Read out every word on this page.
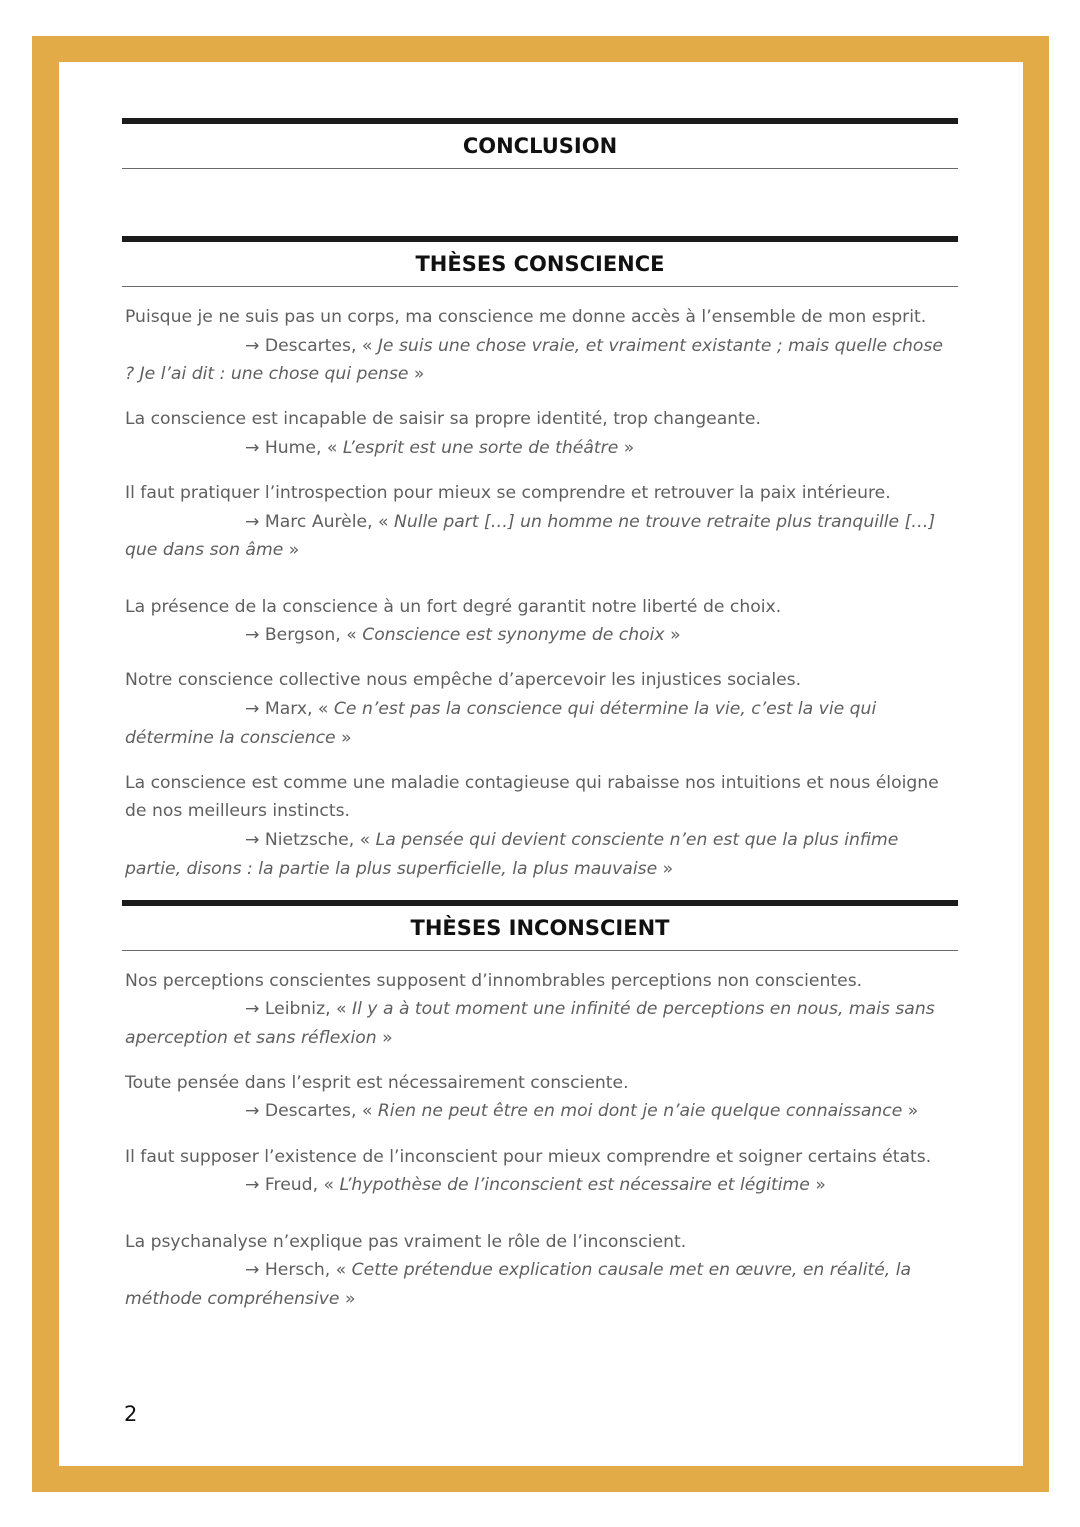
CONCLUSION
THÈSES CONSCIENCE
Puisque je ne suis pas un corps, ma conscience me donne accès à l’ensemble de mon esprit.
→ Descartes, « Je suis une chose vraie, et vraiment existante ; mais quelle chose ? Je l’ai dit : une chose qui pense »
La conscience est incapable de saisir sa propre identité, trop changeante.
→ Hume, « L’esprit est une sorte de théâtre »
Il faut pratiquer l’introspection pour mieux se comprendre et retrouver la paix intérieure.
→ Marc Aurèle, « Nulle part […] un homme ne trouve retraite plus tranquille […] que dans son âme »
La présence de la conscience à un fort degré garantit notre liberté de choix.
→ Bergson, « Conscience est synonyme de choix »
Notre conscience collective nous empêche d’apercevoir les injustices sociales.
→ Marx, « Ce n’est pas la conscience qui détermine la vie, c’est la vie qui détermine la conscience »
La conscience est comme une maladie contagieuse qui rabaisse nos intuitions et nous éloigne de nos meilleurs instincts.
→ Nietzsche, « La pensée qui devient consciente n’en est que la plus infime partie, disons : la partie la plus superficielle, la plus mauvaise »
THÈSES INCONSCIENT
Nos perceptions conscientes supposent d’innombrables perceptions non conscientes.
→ Leibniz, « Il y a à tout moment une infinité de perceptions en nous, mais sans aperception et sans réflexion »
Toute pensée dans l’esprit est nécessairement consciente.
→ Descartes, « Rien ne peut être en moi dont je n’aie quelque connaissance »
Il faut supposer l’existence de l’inconscient pour mieux comprendre et soigner certains états.
→ Freud, « L’hypothèse de l’inconscient est nécessaire et légitime »
La psychanalyse n’explique pas vraiment le rôle de l’inconscient.
→ Hersch, « Cette prétendue explication causale met en œuvre, en réalité, la méthode compréhensive »
2
